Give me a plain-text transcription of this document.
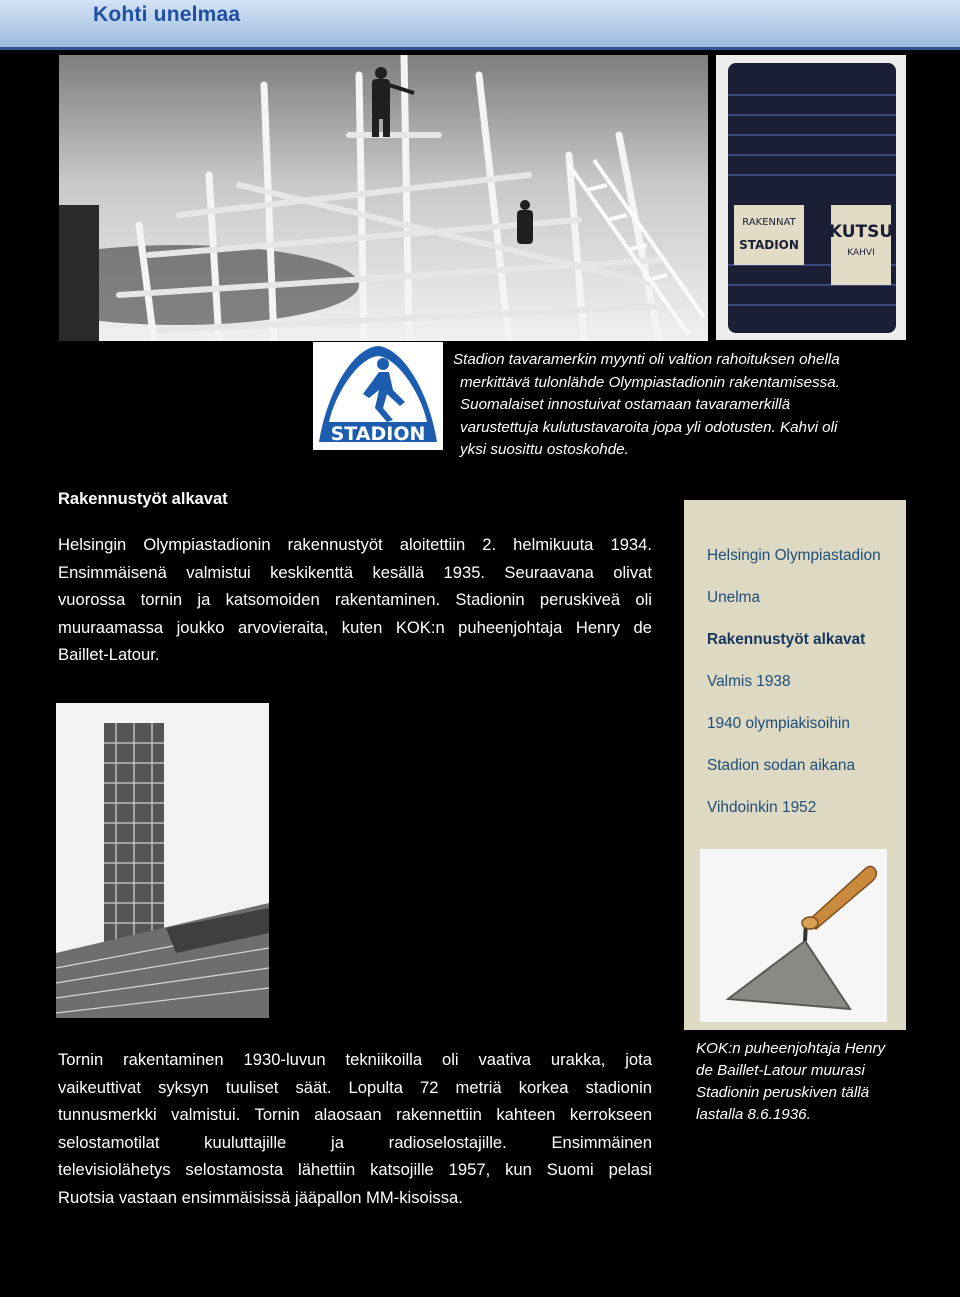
Kohti unelmaa
RAKENNAT
STADION
KUTSU
KAHVI
STADION
Stadion tavaramerkin myynti oli valtion rahoituksen ohella
merkittävä tulonlähde Olympiastadionin rakentamisessa.
Suomalaiset innostuivat ostamaan tavaramerkillä
varustettuja kulutustavaroita jopa yli odotusten. Kahvi oli
yksi suosittu ostoskohde.
Rakennustyöt alkavat
Helsingin Olympiastadionin rakennustyöt aloitettiin 2. helmikuuta 1934.
Ensimmäisenä valmistui keskikenttä kesällä 1935. Seuraavana olivat
vuorossa tornin ja katsomoiden rakentaminen. Stadionin peruskiveä oli
muuraamassa joukko arvovieraita, kuten KOK:n puheenjohtaja Henry de
Baillet-Latour.
Helsingin Olympiastadion
Unelma
Rakennustyöt alkavat
Valmis 1938
1940 olympiakisoihin
Stadion sodan aikana
Vihdoinkin 1952
Tornin rakentaminen 1930-luvun tekniikoilla oli vaativa urakka, jota
vaikeuttivat syksyn tuuliset säät. Lopulta 72 metriä korkea stadionin
tunnusmerkki valmistui. Tornin alaosaan rakennettiin kahteen kerrokseen
selostamotilat kuuluttajille ja radioselostajille. Ensimmäinen
televisiolähetys selostamosta lähettiin katsojille 1957, kun Suomi pelasi
Ruotsia vastaan ensimmäisissä jääpallon MM-kisoissa.
KOK:n puheenjohtaja Henry
de Baillet-Latour muurasi
Stadionin peruskiven tällä
lastalla 8.6.1936.
